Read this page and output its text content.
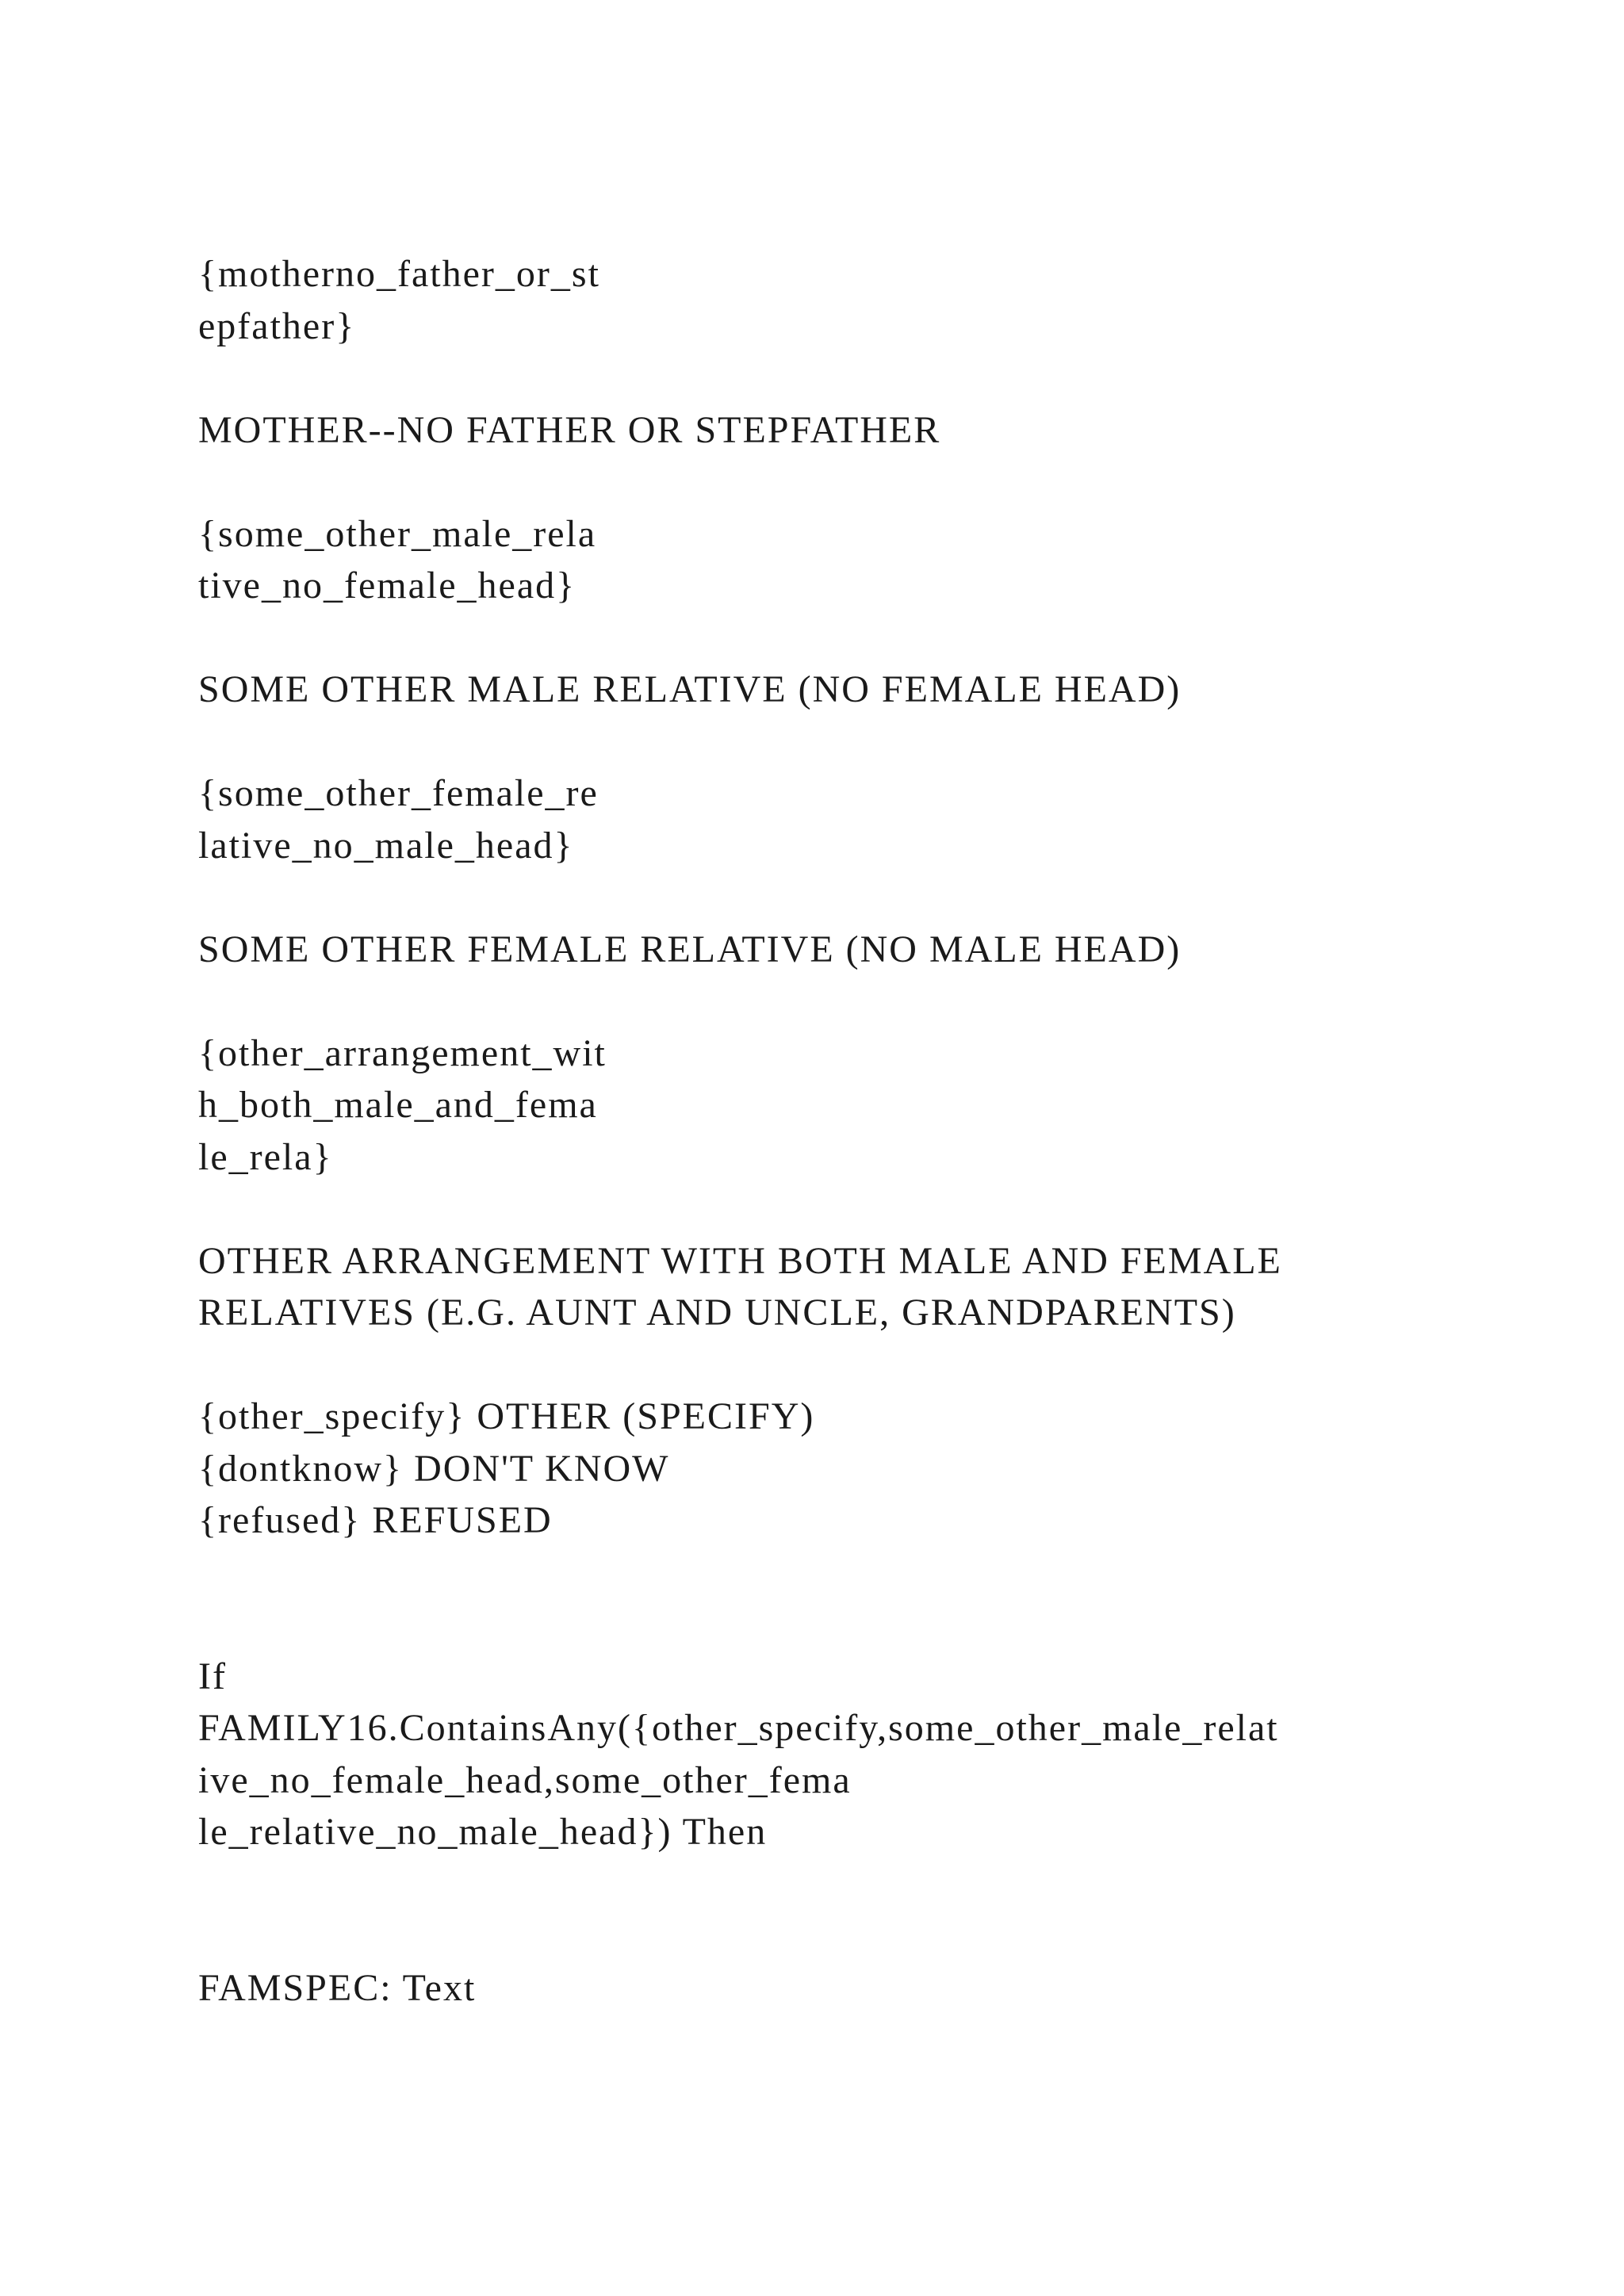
{motherno_father_or_st
epfather}
MOTHER--NO FATHER OR STEPFATHER
{some_other_male_rela
tive_no_female_head}
SOME OTHER MALE RELATIVE (NO FEMALE HEAD)
{some_other_female_re
lative_no_male_head}
SOME OTHER FEMALE RELATIVE (NO MALE HEAD)
{other_arrangement_wit
h_both_male_and_fema
le_rela}
OTHER ARRANGEMENT WITH BOTH MALE AND FEMALE
RELATIVES (E.G. AUNT AND UNCLE, GRANDPARENTS)
{other_specify} OTHER (SPECIFY)
{dontknow} DON'T KNOW
{refused} REFUSED
If
FAMILY16.ContainsAny({other_specify,some_other_male_relat
ive_no_female_head,some_other_fema
le_relative_no_male_head}) Then
FAMSPEC: Text
